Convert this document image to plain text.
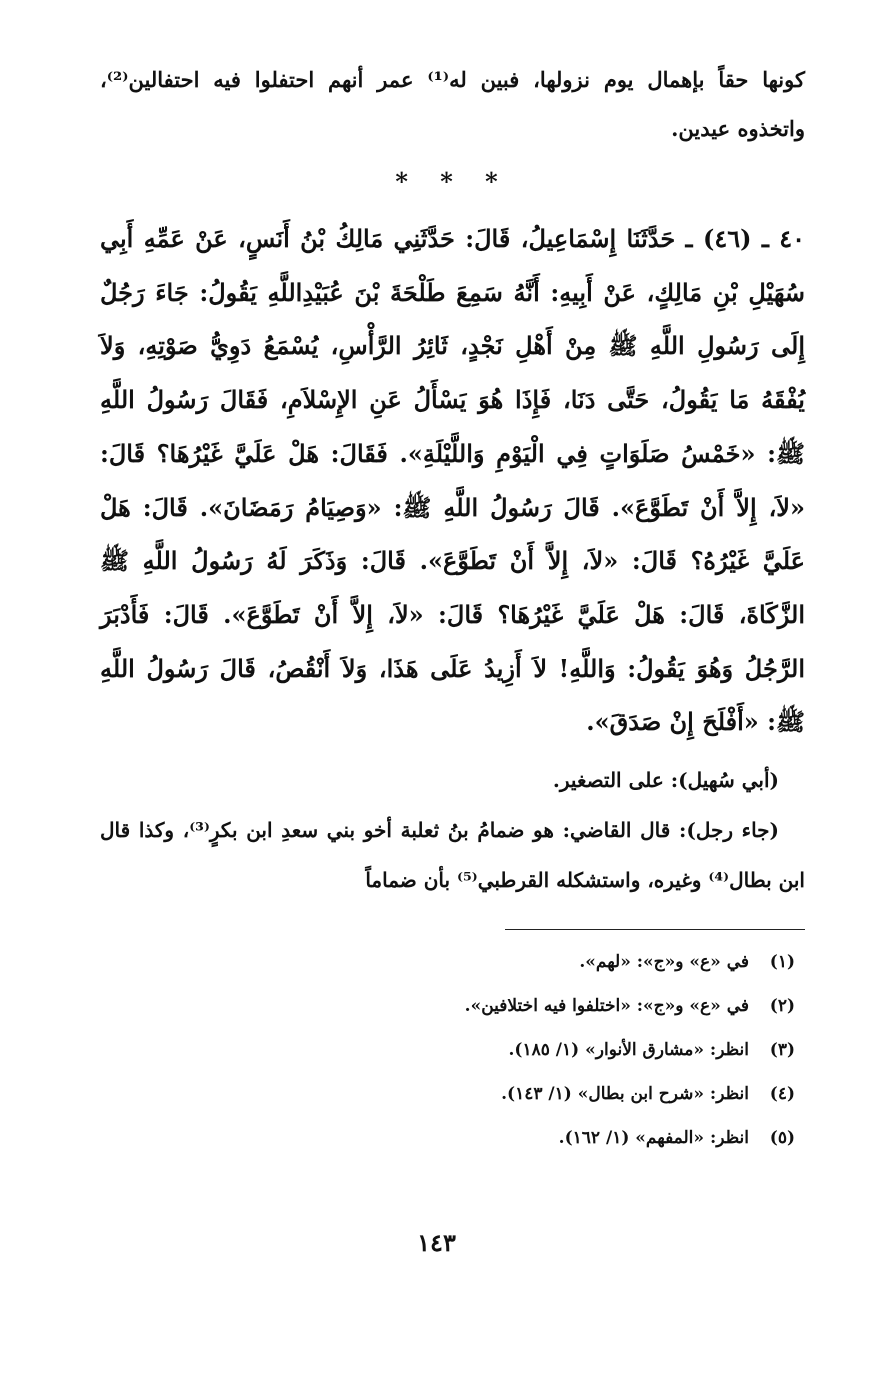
كونها حقاً بإهمال يوم نزولها، فبين له⁽¹⁾ عمر أنهم احتفلوا فيه احتفالين⁽²⁾، واتخذوه عيدين.

* * *

٤٠ ـ (٤٦) ـ حَدَّثَنَا إِسْمَاعِيلُ، قَالَ: حَدَّثَنِي مَالِكُ بْنُ أَنَسٍ، عَنْ عَمِّهِ أَبِي سُهَيْلِ بْنِ مَالِكٍ، عَنْ أَبِيهِ: أَنَّهُ سَمِعَ طَلْحَةَ بْنَ عُبَيْدِاللَّهِ يَقُولُ: جَاءَ رَجُلٌ إِلَى رَسُولِ اللَّهِ ﷺ مِنْ أَهْلِ نَجْدٍ، ثَائِرُ الرَّأْسِ، يُسْمَعُ دَوِيُّ صَوْتِهِ، وَلاَ يُفْقَهُ مَا يَقُولُ، حَتَّى دَنَا، فَإِذَا هُوَ يَسْأَلُ عَنِ الإِسْلاَمِ، فَقَالَ رَسُولُ اللَّهِ ﷺ: «خَمْسُ صَلَوَاتٍ فِي الْيَوْمِ وَاللَّيْلَةِ». فَقَالَ: هَلْ عَلَيَّ غَيْرُهَا؟ قَالَ: «لاَ، إِلاَّ أَنْ تَطَوَّعَ». قَالَ رَسُولُ اللَّهِ ﷺ: «وَصِيَامُ رَمَضَانَ». قَالَ: هَلْ عَلَيَّ غَيْرُهُ؟ قَالَ: «لاَ، إِلاَّ أَنْ تَطَوَّعَ». قَالَ: وَذَكَرَ لَهُ رَسُولُ اللَّهِ ﷺ الزَّكَاةَ، قَالَ: هَلْ عَلَيَّ غَيْرُهَا؟ قَالَ: «لاَ، إِلاَّ أَنْ تَطَوَّعَ». قَالَ: فَأَدْبَرَ الرَّجُلُ وَهُوَ يَقُولُ: وَاللَّهِ! لاَ أَزِيدُ عَلَى هَذَا، وَلاَ أَنْقُصُ، قَالَ رَسُولُ اللَّهِ ﷺ: «أَفْلَحَ إِنْ صَدَقَ».

(أبي سُهيل): على التصغير.

(جاء رجل): قال القاضي: هو ضمامُ بنُ ثعلبة أخو بني سعدِ ابن بكرٍ⁽³⁾، وكذا قال ابن بطال⁽⁴⁾ وغيره، واستشكله القرطبي⁽⁵⁾ بأن ضماماً

(١)
في «ع» و«ج»: «لهم».
(٢)
في «ع» و«ج»: «اختلفوا فيه اختلافين».
(٣)
انظر: «مشارق الأنوار» (١/ ١٨٥).
(٤)
انظر: «شرح ابن بطال» (١/ ١٤٣).
(٥)
انظر: «المفهم» (١/ ١٦٢).
١٤٣
